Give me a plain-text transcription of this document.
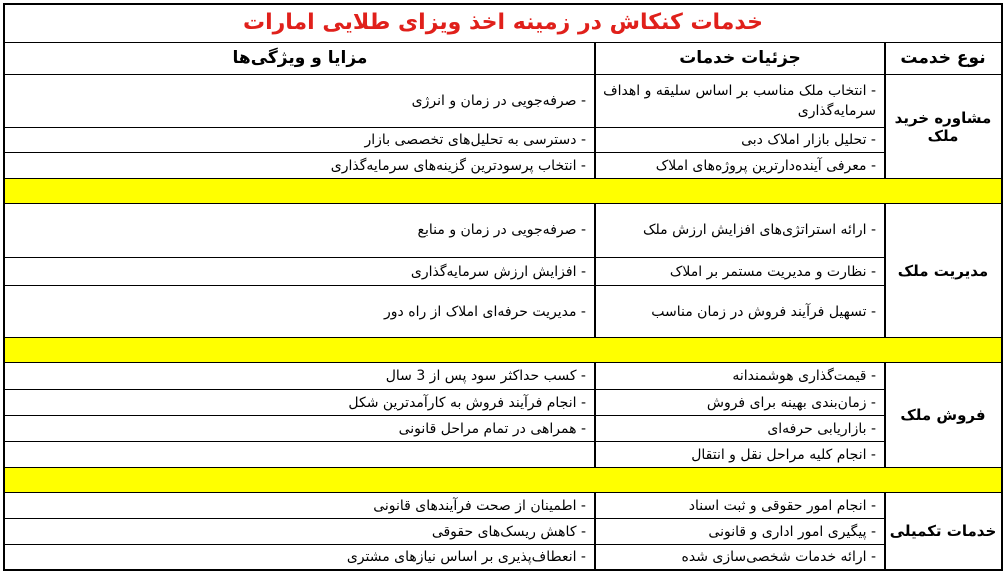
خدمات کنکاش در زمینه اخذ ویزای طلایی امارات
نوع خدمت
جزئیات خدمات
مزایا و ویژگی‌ها
مشاوره خرید ملک
- انتخاب ملک مناسب بر اساس سلیقه و اهداف سرمایه‌گذاری
- صرفه‌جویی در زمان و انرژی
- تحلیل بازار املاک دبی
- دسترسی به تحلیل‌های تخصصی بازار
- معرفی آینده‌دارترین پروژه‌های املاک
- انتخاب پرسودترین گزینه‌های سرمایه‌گذاری
مدیریت ملک
- ارائه استراتژی‌های افزایش ارزش ملک
- صرفه‌جویی در زمان و منابع
- نظارت و مدیریت مستمر بر املاک
- افزایش ارزش سرمایه‌گذاری
- تسهیل فرآیند فروش در زمان مناسب
- مدیریت حرفه‌ای املاک از راه دور
فروش ملک
- قیمت‌گذاری هوشمندانه
- کسب حداکثر سود پس از 3 سال
- زمان‌بندی بهینه برای فروش
- انجام فرآیند فروش به کارآمدترین شکل
- بازاریابی حرفه‌ای
- همراهی در تمام مراحل قانونی
- انجام کلیه مراحل نقل و انتقال
خدمات تکمیلی
- انجام امور حقوقی و ثبت اسناد
- اطمینان از صحت فرآیندهای قانونی
- پیگیری امور اداری و قانونی
- کاهش ریسک‌های حقوقی
- ارائه خدمات شخصی‌سازی شده
- انعطاف‌پذیری بر اساس نیازهای مشتری
